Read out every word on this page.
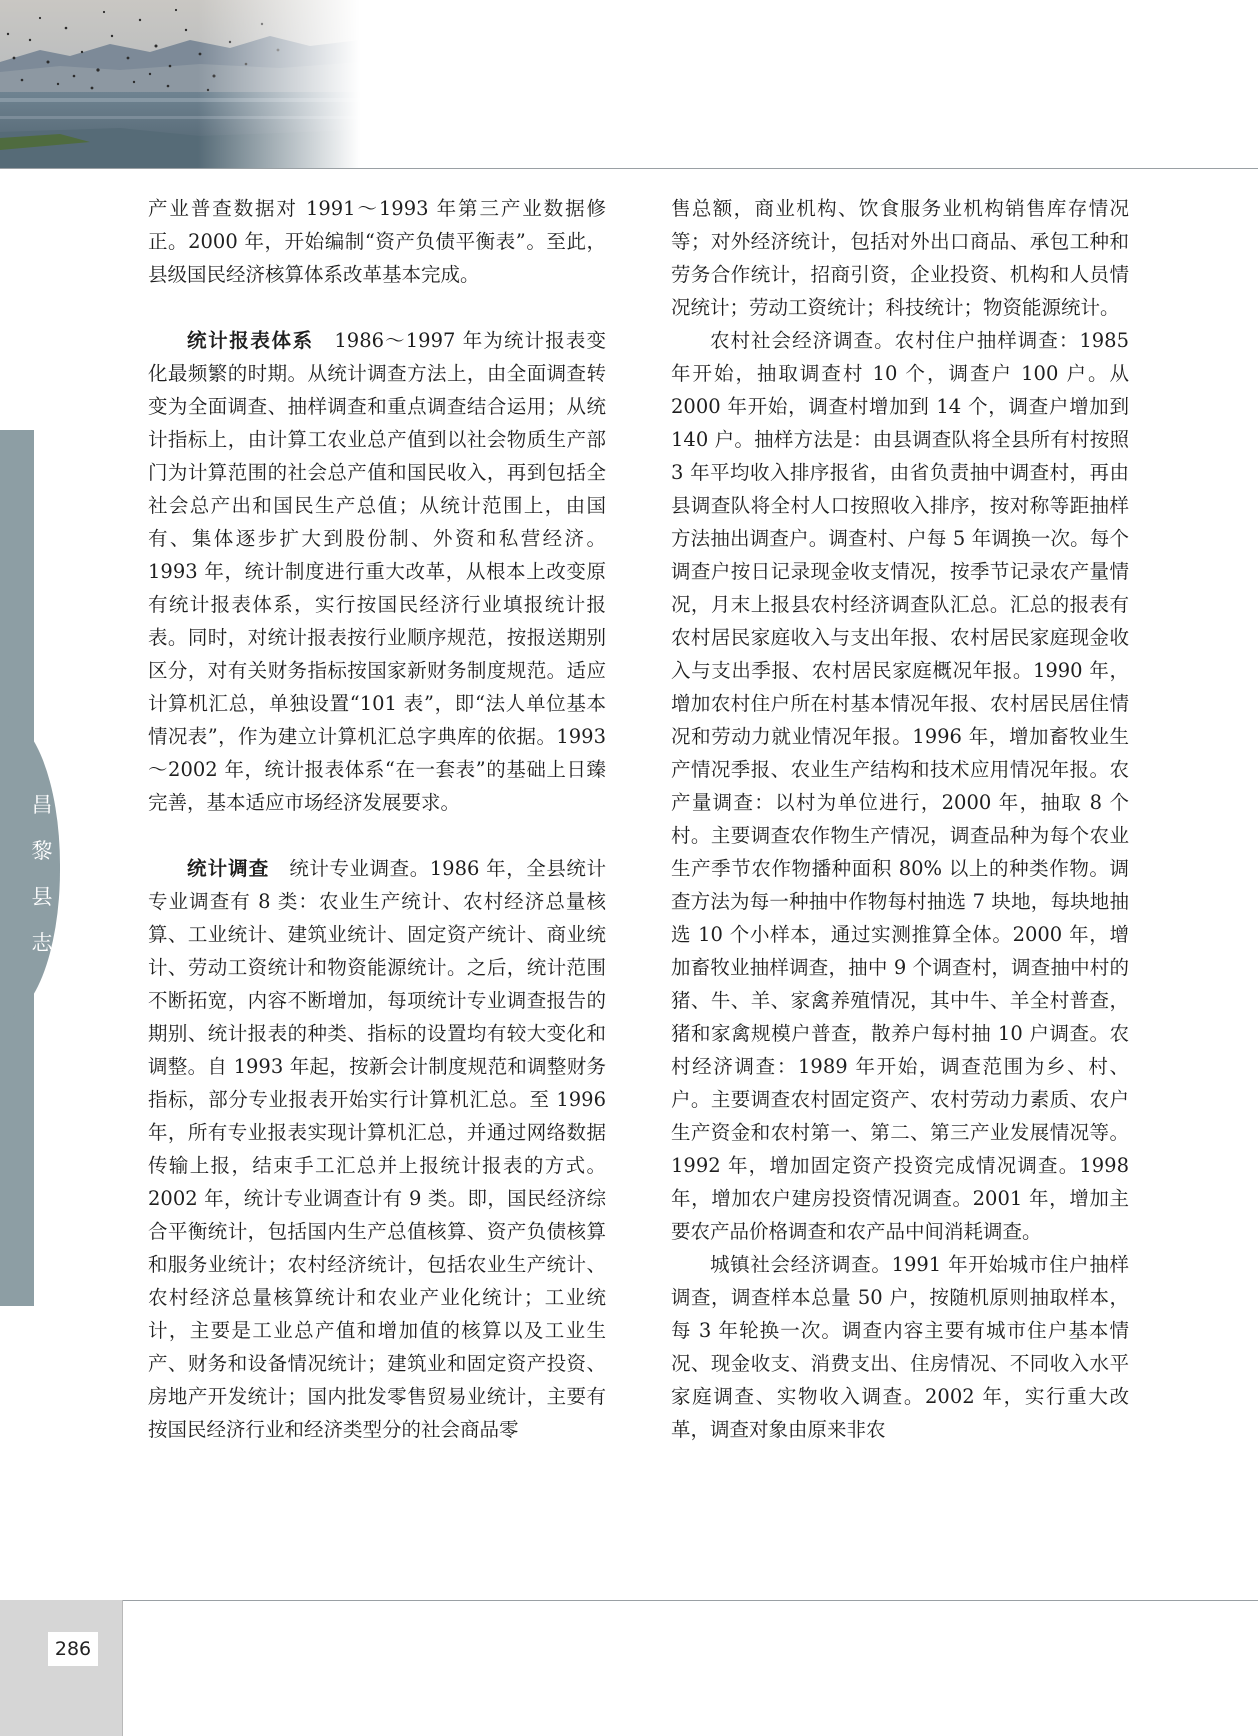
昌
黎
县
志

产业普查数据对 1991～1993 年第三产业数据修正。2000 年，开始编制“资产负债平衡表”。至此，县级国民经济核算体系改革基本完成。

统计报表体系　1986～1997 年为统计报表变化最频繁的时期。从统计调查方法上，由全面调查转变为全面调查、抽样调查和重点调查结合运用；从统计指标上，由计算工农业总产值到以社会物质生产部门为计算范围的社会总产值和国民收入，再到包括全社会总产出和国民生产总值；从统计范围上，由国有、集体逐步扩大到股份制、外资和私营经济。1993 年，统计制度进行重大改革，从根本上改变原有统计报表体系，实行按国民经济行业填报统计报表。同时，对统计报表按行业顺序规范，按报送期别区分，对有关财务指标按国家新财务制度规范。适应计算机汇总，单独设置“101 表”，即“法人单位基本情况表”，作为建立计算机汇总字典库的依据。1993～2002 年，统计报表体系“在一套表”的基础上日臻完善，基本适应市场经济发展要求。

统计调查　统计专业调查。1986 年，全县统计专业调查有 8 类：农业生产统计、农村经济总量核算、工业统计、建筑业统计、固定资产统计、商业统计、劳动工资统计和物资能源统计。之后，统计范围不断拓宽，内容不断增加，每项统计专业调查报告的期别、统计报表的种类、指标的设置均有较大变化和调整。自 1993 年起，按新会计制度规范和调整财务指标，部分专业报表开始实行计算机汇总。至 1996 年，所有专业报表实现计算机汇总，并通过网络数据传输上报，结束手工汇总并上报统计报表的方式。2002 年，统计专业调查计有 9 类。即，国民经济综合平衡统计，包括国内生产总值核算、资产负债核算和服务业统计；农村经济统计，包括农业生产统计、农村经济总量核算统计和农业产业化统计；工业统计，主要是工业总产值和增加值的核算以及工业生产、财务和设备情况统计；建筑业和固定资产投资、房地产开发统计；国内批发零售贸易业统计，主要有按国民经济行业和经济类型分的社会商品零

售总额，商业机构、饮食服务业机构销售库存情况等；对外经济统计，包括对外出口商品、承包工种和劳务合作统计，招商引资，企业投资、机构和人员情况统计；劳动工资统计；科技统计；物资能源统计。

农村社会经济调查。农村住户抽样调查：1985 年开始，抽取调查村 10 个，调查户 100 户。从 2000 年开始，调查村增加到 14 个，调查户增加到 140 户。抽样方法是：由县调查队将全县所有村按照 3 年平均收入排序报省，由省负责抽中调查村，再由县调查队将全村人口按照收入排序，按对称等距抽样方法抽出调查户。调查村、户每 5 年调换一次。每个调查户按日记录现金收支情况，按季节记录农产量情况，月末上报县农村经济调查队汇总。汇总的报表有农村居民家庭收入与支出年报、农村居民家庭现金收入与支出季报、农村居民家庭概况年报。1990 年，增加农村住户所在村基本情况年报、农村居民居住情况和劳动力就业情况年报。1996 年，增加畜牧业生产情况季报、农业生产结构和技术应用情况年报。农产量调查：以村为单位进行，2000 年，抽取 8 个村。主要调查农作物生产情况，调查品种为每个农业生产季节农作物播种面积 80% 以上的种类作物。调查方法为每一种抽中作物每村抽选 7 块地，每块地抽选 10 个小样本，通过实测推算全体。2000 年，增加畜牧业抽样调查，抽中 9 个调查村，调查抽中村的猪、牛、羊、家禽养殖情况，其中牛、羊全村普查，猪和家禽规模户普查，散养户每村抽 10 户调查。农村经济调查：1989 年开始，调查范围为乡、村、户。主要调查农村固定资产、农村劳动力素质、农户生产资金和农村第一、第二、第三产业发展情况等。1992 年，增加固定资产投资完成情况调查。1998 年，增加农户建房投资情况调查。2001 年，增加主要农产品价格调查和农产品中间消耗调查。

城镇社会经济调查。1991 年开始城市住户抽样调查，调查样本总量 50 户，按随机原则抽取样本，每 3 年轮换一次。调查内容主要有城市住户基本情况、现金收支、消费支出、住房情况、不同收入水平家庭调查、实物收入调查。2002 年，实行重大改革，调查对象由原来非农

286
